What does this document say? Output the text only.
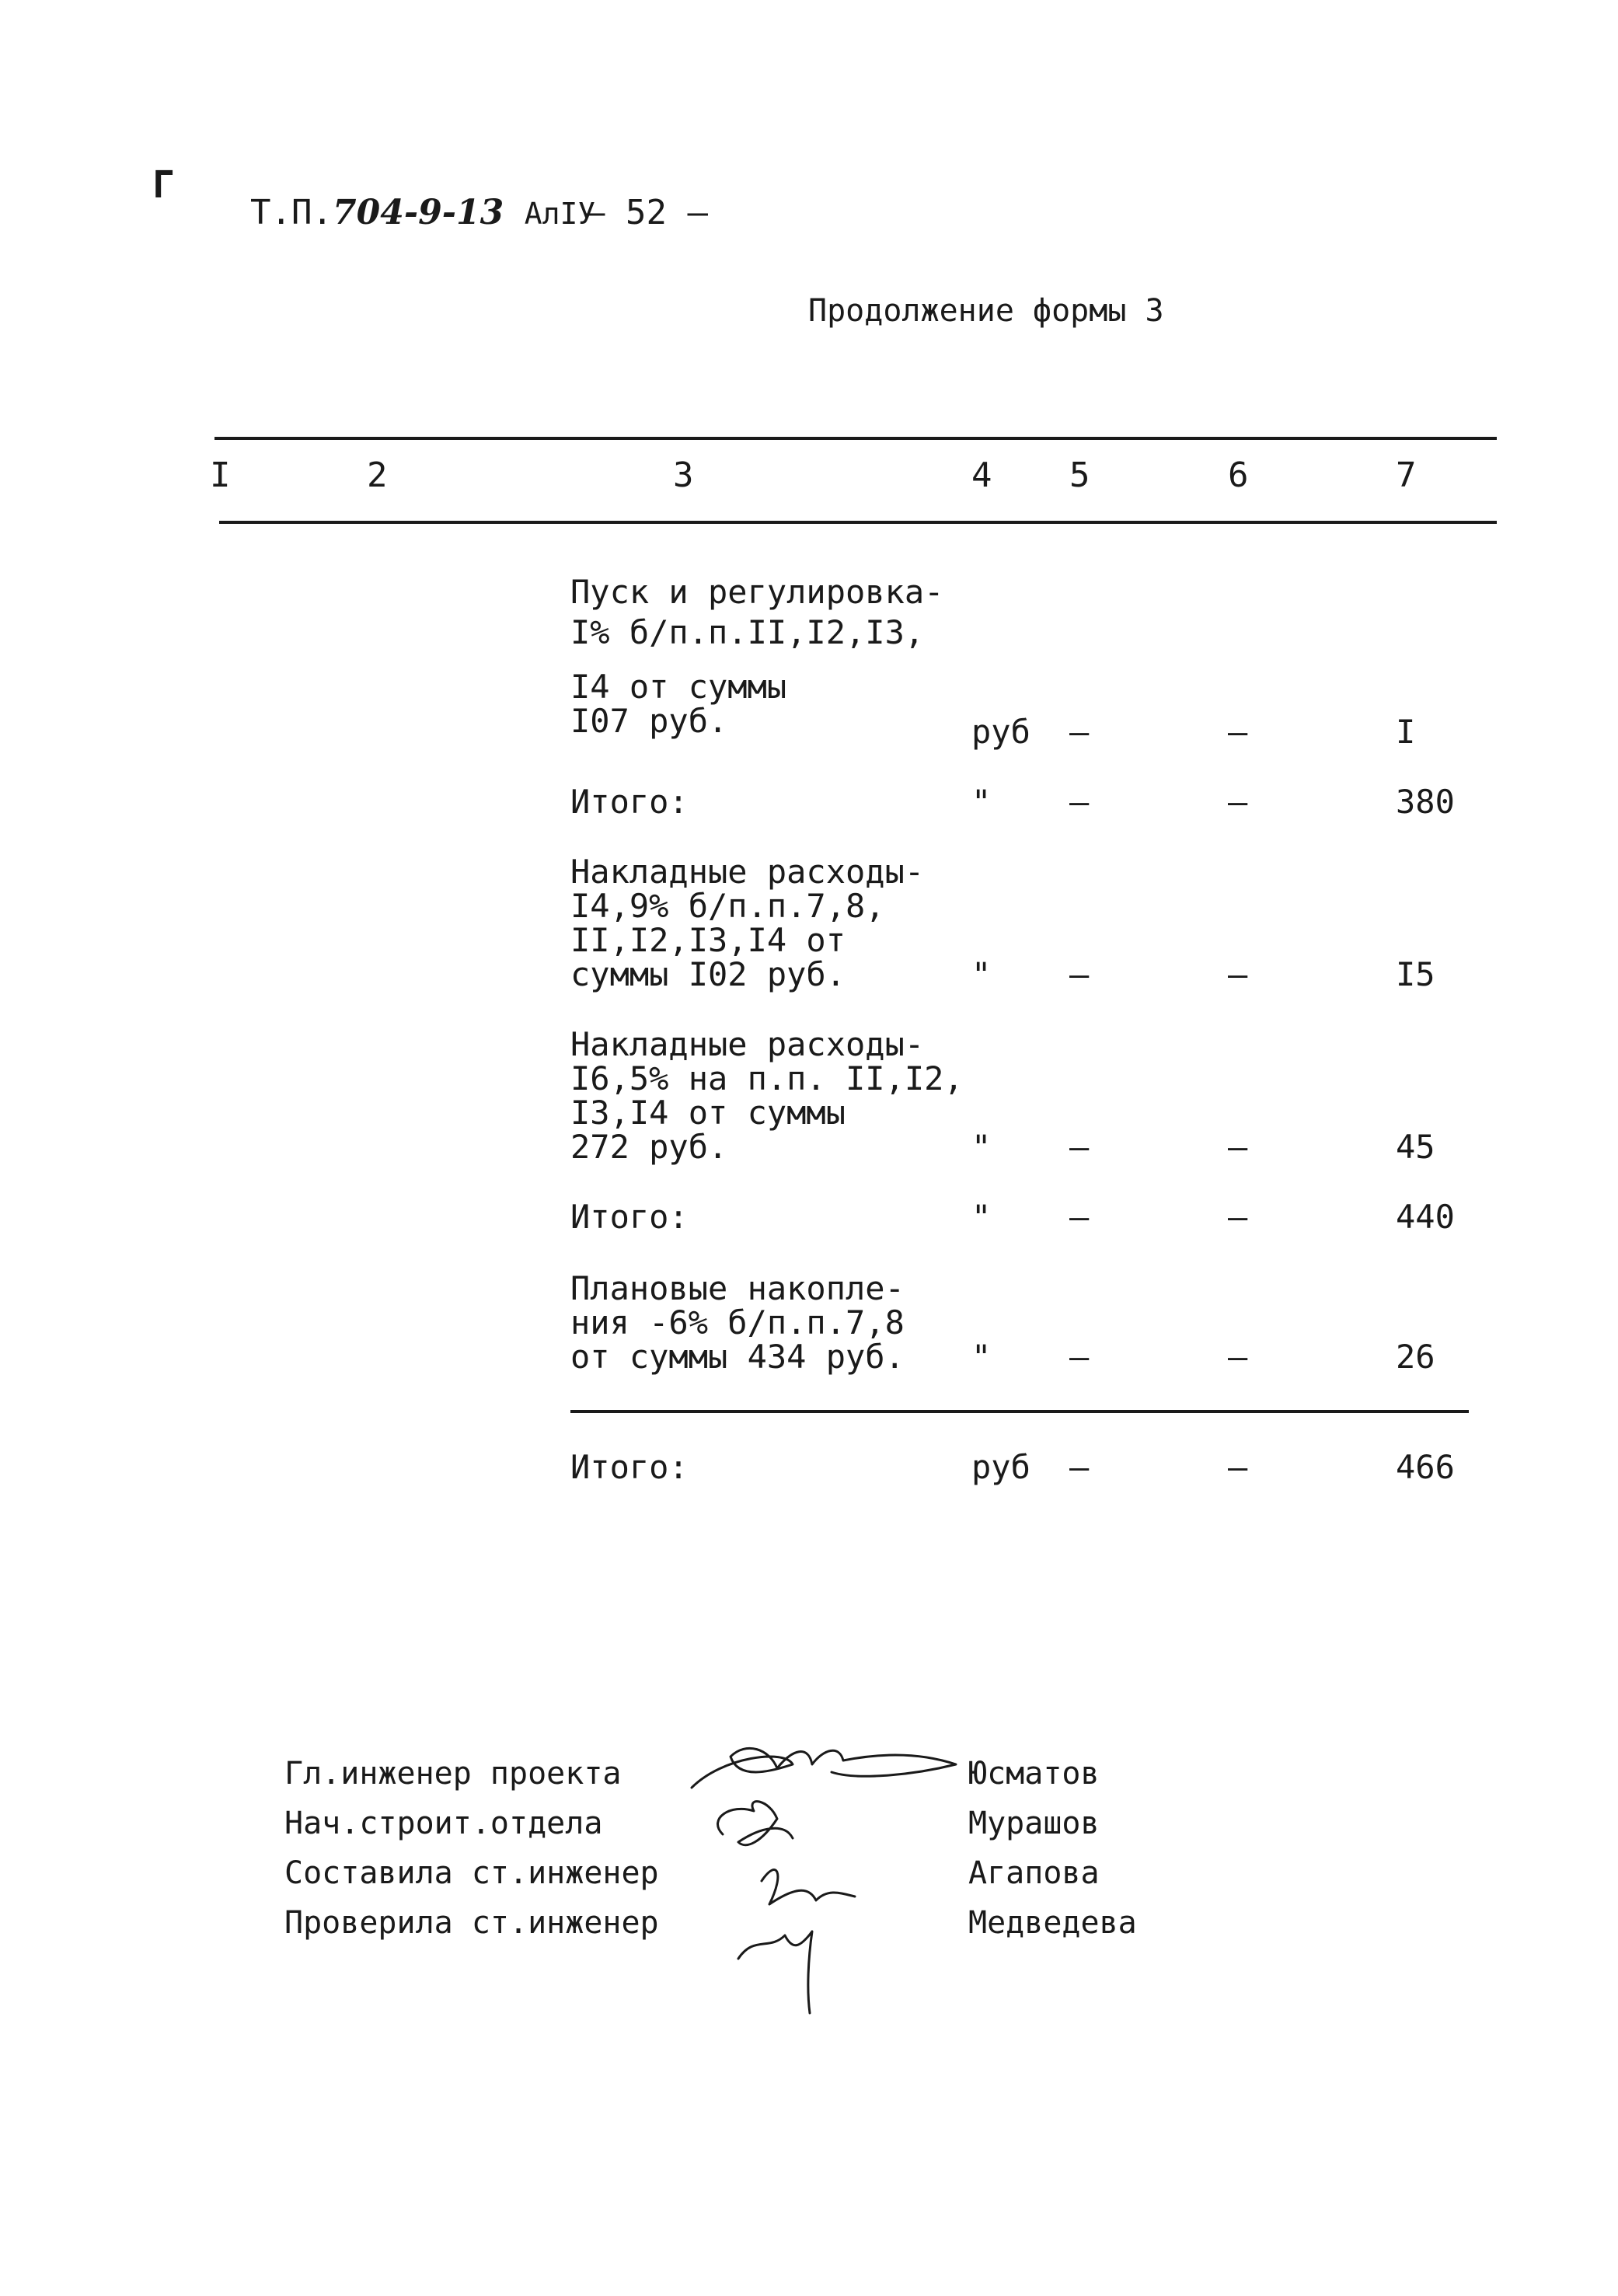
Г
Т.П.704-9-13 АлIУ
— 52 —
Продолжение формы 3
I	2	3	4 5	6	7
Пуск и регулировка-
I% б/п.п.II,I2,I3,
I4 от суммы
I07 руб.	руб –	–	I
Итого:	" –	–	380
Накладные расходы-
I4,9% б/п.п.7,8,
II,I2,I3,I4 от
суммы I02 руб.	" –	–	I5
Накладные расходы-
I6,5% на п.п. II,I2,
I3,I4 от суммы
272 руб.	" –	–	45
Итого:	" –	–	440
Плановые накопле-
ния -6% б/п.п.7,8
от суммы 434 руб. " –	–	26
Итого:	руб –	–	466
Гл.инженер проекта	Юсматов
Нач.строит.отдела	Мурашов
Составила ст.инженер	Агапова
Проверила ст.инженер	Медведева
